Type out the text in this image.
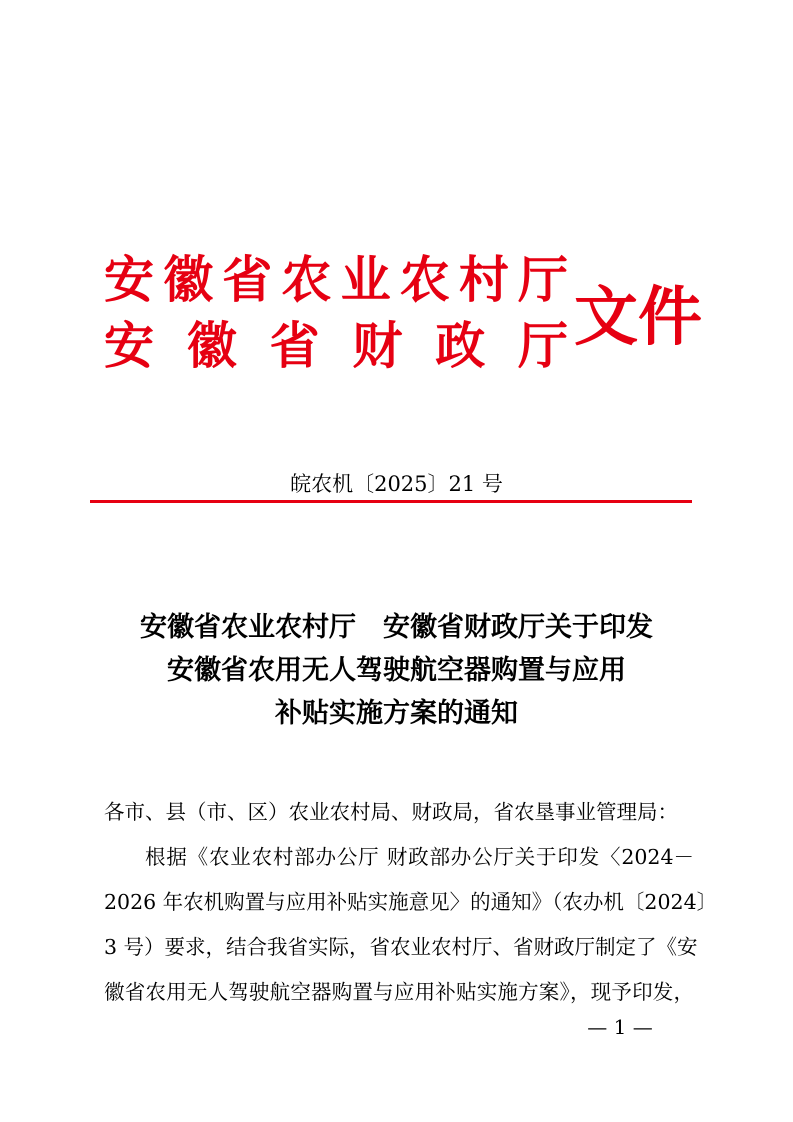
安 徽 省 农 业 农 村 厅
安 徽 省 财 政 厅 文件
皖农机〔2025〕21 号
安徽省农业农村厅　安徽省财政厅关于印发
安徽省农用无人驾驶航空器购置与应用
补贴实施方案的通知
各市、县（市、区）农业农村局、财政局，省农垦事业管理局：
根据《农业农村部办公厅 财政部办公厅关于印发〈2024－
2026 年农机购置与应用补贴实施意见〉的通知》（农办机〔2024〕
3 号）要求，结合我省实际，省农业农村厅、省财政厅制定了《安
徽省农用无人驾驶航空器购置与应用补贴实施方案》，现予印发，
— 1 —
